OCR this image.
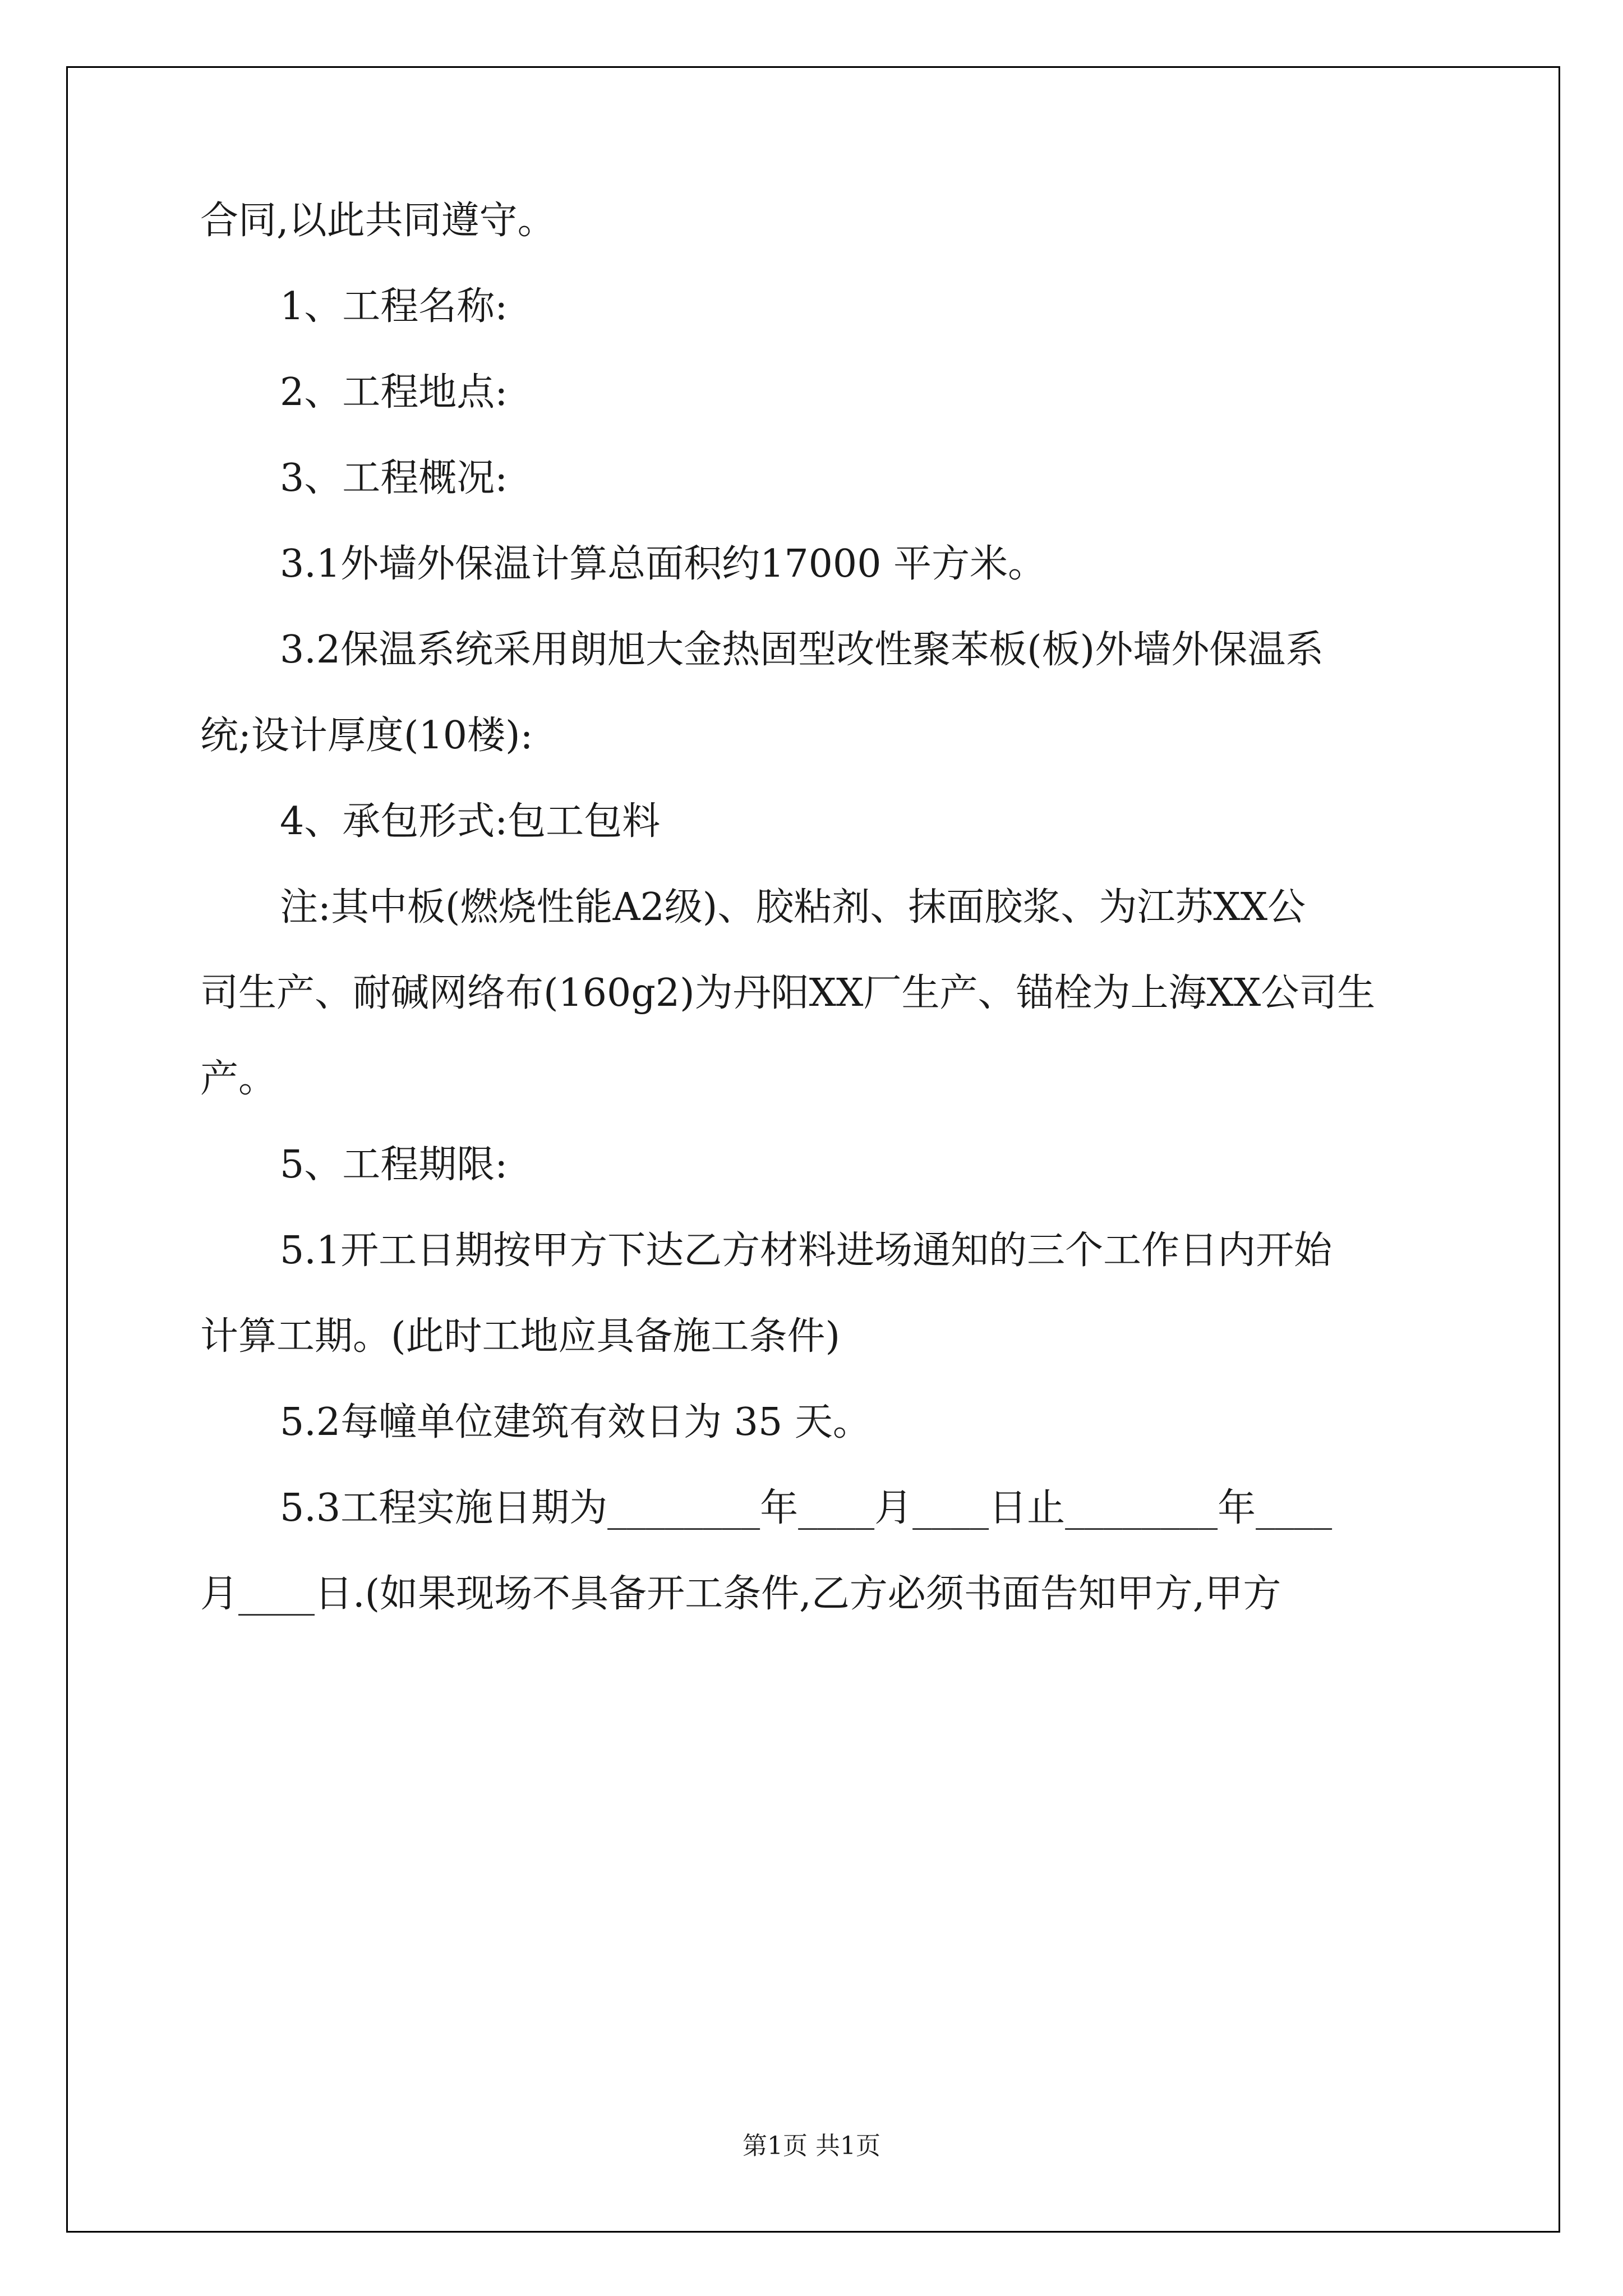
合同,以此共同遵守。
1、工程名称:
2、工程地点:
3、工程概况:
3.1外墙外保温计算总面积约17000 平方米。
3.2保温系统采用朗旭大金热固型改性聚苯板(板)外墙外保温系
统;设计厚度(10楼):
4、承包形式:包工包料
注:其中板(燃烧性能A2级)、胶粘剂、抹面胶浆、为江苏XX公
司生产、耐碱网络布(160g2)为丹阳XX厂生产、锚栓为上海XX公司生
产。
5、工程期限:
5.1开工日期按甲方下达乙方材料进场通知的三个工作日内开始
计算工期。(此时工地应具备施工条件)
5.2每幢单位建筑有效日为 35 天。
5.3工程实施日期为________年____月____日止________年____
月____日.(如果现场不具备开工条件,乙方必须书面告知甲方,甲方
第1页 共1页
